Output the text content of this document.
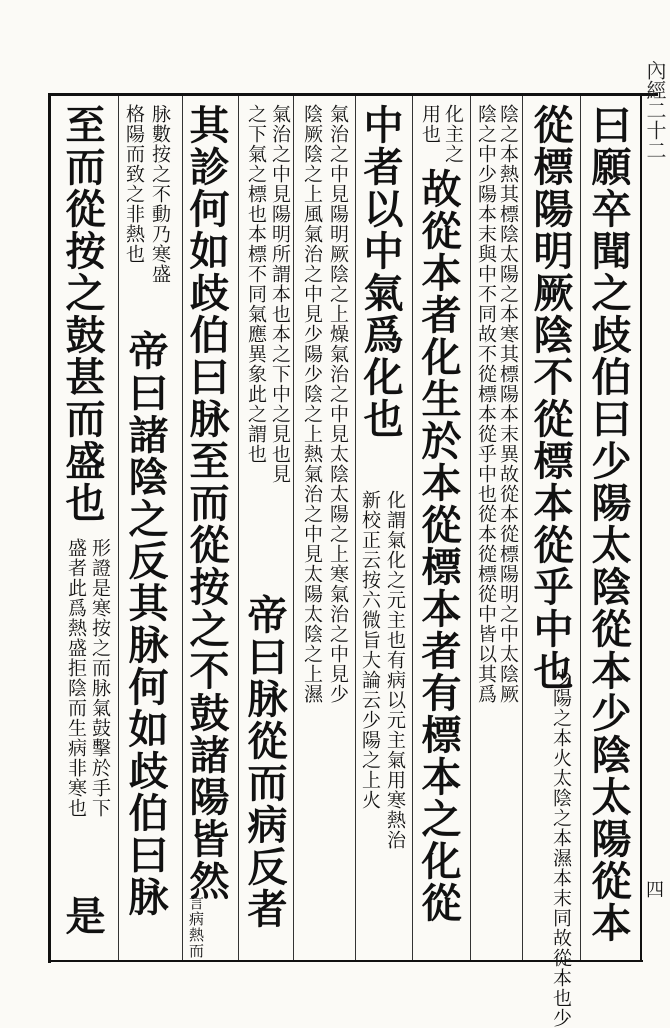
曰願卒聞之歧伯曰少陽太陰從本少陰太陽從本
從標陽明厥陰不從標本從乎中也
少陽之本火太陰之本濕本末同故從本也少
陰之本熱其標陰太陽之本寒其標陽本末異故從本從標陽明之中太陰厥
陰之中少陽本末與中不同故不從標本從乎中也從本從標從中皆以其爲
化主之
用也
故從本者化生於本從標本者有標本之化從
中者以中氣爲化也
化謂氣化之元主也有病以元主氣用寒熱治
新校正云按六微旨大論云少陽之上火
氣治之中見陽明厥陰之上燥氣治之中見太陰太陽之上寒氣治之中見少
陰厥陰之上風氣治之中見少陽少陰之上熱氣治之中見太陽太陰之上濕
氣治之中見陽明所謂本也本之下中之見也見
之下氣之標也本標不同氣應異象此之謂也
帝曰脉從而病反者
其診何如歧伯曰脉至而從按之不鼓諸陽皆然
言病熱而
脉數按之不動乃寒盛
格陽而致之非熱也
帝曰諸陰之反其脉何如歧伯曰脉
至而從按之鼓甚而盛也
形證是寒按之而脉氣鼓擊於手下
盛者此爲熱盛拒陰而生病非寒也
是
內經二十二
四
